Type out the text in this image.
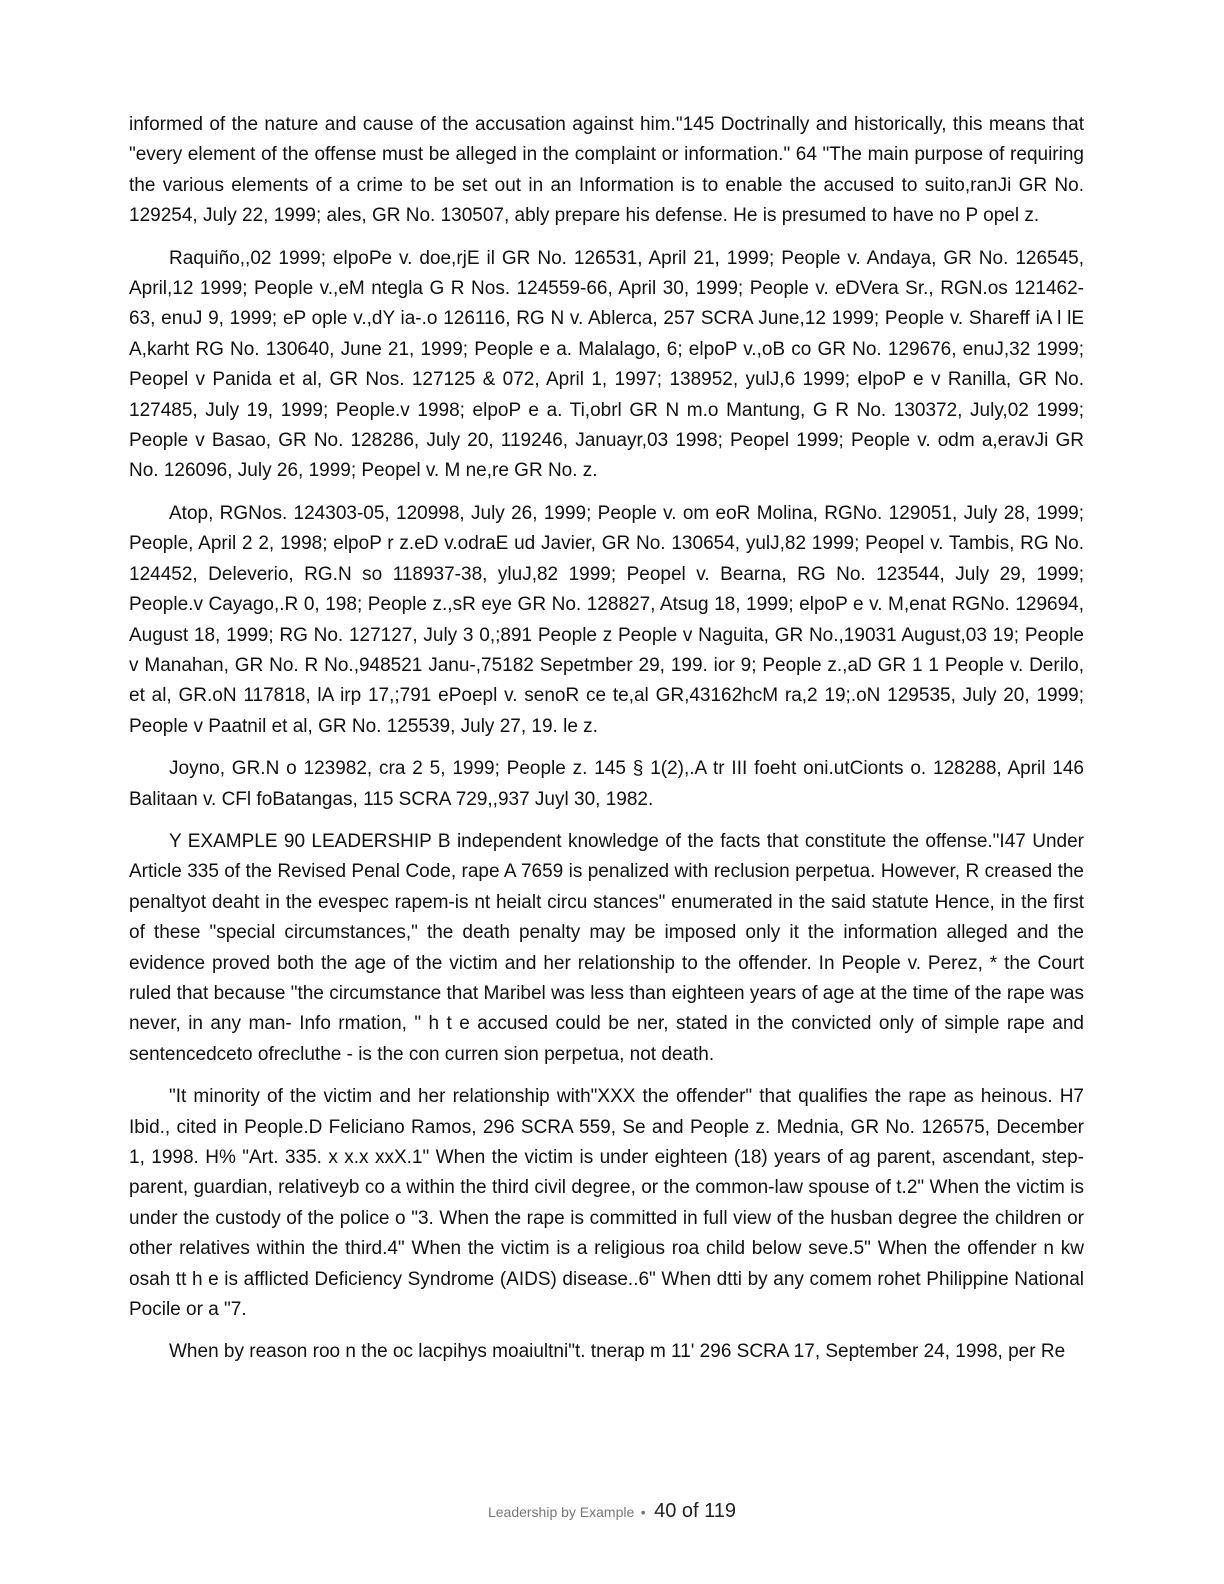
informed of the nature and cause of the accusation against him."145 Doctrinally and historically, this means that "every element of the offense must be alleged in the complaint or information." 64 "The main purpose of requiring the various elements of a crime to be set out in an Information is to enable the accused to suito,ranJi GR No. 129254, July 22, 1999; ales, GR No. 130507, ably prepare his defense. He is presumed to have no P opel z.

Raquiño,,02 1999; elpoPe v. doe,rjE il GR No. 126531, April 21, 1999; People v. Andaya, GR No. 126545, April,12 1999; People v.,eM ntegla G R Nos. 124559-66, April 30, 1999; People v. eDVera Sr., RGN.os 121462-63, enuJ 9, 1999; eP ople v.,dY ia-.o 126116, RG N v. Ablerca, 257 SCRA June,12 1999; People v. Shareff iA l lE A,karht RG No. 130640, June 21, 1999; People e a. Malalago, 6; elpoP v.,oB co GR No. 129676, enuJ,32 1999; Peopel v Panida et al, GR Nos. 127125 & 072, April 1, 1997; 138952, yulJ,6 1999; elpoP e v Ranilla, GR No. 127485, July 19, 1999; People.v 1998; elpoP e a. Ti,obrl GR N m.o Mantung, G R No. 130372, July,02 1999; People v Basao, GR No. 128286, July 20, 119246, Januayr,03 1998; Peopel 1999; People v. odm a,eravJi GR No. 126096, July 26, 1999; Peopel v. M ne,re GR No. z.

Atop, RGNos. 124303-05, 120998, July 26, 1999; People v. om eoR Molina, RGNo. 129051, July 28, 1999; People, April 2 2, 1998; elpoP r z.eD v.odraE ud Javier, GR No. 130654, yulJ,82 1999; Peopel v. Tambis, RG No. 124452, Deleverio, RG.N so 118937-38, yluJ,82 1999; Peopel v. Bearna, RG No. 123544, July 29, 1999; People.v Cayago,.R 0, 198; People z.,sR eye GR No. 128827, Atsug 18, 1999; elpoP e v. M,enat RGNo. 129694, August 18, 1999; RG No. 127127, July 3 0,;891 People z People v Naguita, GR No.,19031 August,03 19; People v Manahan, GR No. R No.,948521 Janu-,75182 Sepetmber 29, 199. ior 9; People z.,aD GR 1 1 People v. Derilo, et al, GR.oN 117818, lA irp 17,;791 ePoepl v. senoR ce te,al GR,43162hcM ra,2 19;.oN 129535, July 20, 1999; People v Paatnil et al, GR No. 125539, July 27, 19. le z.

Joyno, GR.N o 123982, cra 2 5, 1999; People z. 145 § 1(2),.A tr III foeht oni.utCionts o. 128288, April 146 Balitaan v. CFl foBatangas, 115 SCRA 729,,937 Juyl 30, 1982.

Y EXAMPLE 90 LEADERSHIP B independent knowledge of the facts that constitute the offense."I47 Under Article 335 of the Revised Penal Code, rape A 7659 is penalized with reclusion perpetua. However, R creased the penaltyot deaht in the evespec rapem-is nt heialt circu stances" enumerated in the said statute Hence, in the first of these "special circumstances," the death penalty may be imposed only it the information alleged and the evidence proved both the age of the victim and her relationship to the offender. In People v. Perez, * the Court ruled that because "the circumstance that Maribel was less than eighteen years of age at the time of the rape was never, in any man- Info rmation, " h t e accused could be ner, stated in the convicted only of simple rape and sentencedceto ofrecluthe - is the con curren sion perpetua, not death.

"It minority of the victim and her relationship with"XXX the offender" that qualifies the rape as heinous. H7 Ibid., cited in People.D Feliciano Ramos, 296 SCRA 559, Se and People z. Mednia, GR No. 126575, December 1, 1998. H% "Art. 335. x x.x xxX.1" When the victim is under eighteen (18) years of ag parent, ascendant, step-parent, guardian, relativeyb co a within the third civil degree, or the common-law spouse of t.2" When the victim is under the custody of the police o "3. When the rape is committed in full view of the husban degree the children or other relatives within the third.4" When the victim is a religious roa child below seve.5" When the offender n kw osah tt h e is afflicted Deficiency Syndrome (AIDS) disease..6" When dtti by any comem rohet Philippine National Pocile or a "7.

When by reason roo n the oc lacpihys moaiultni"t. tnerap m 11' 296 SCRA 17, September 24, 1998, per Re

Leadership by Example • 40 of 119
